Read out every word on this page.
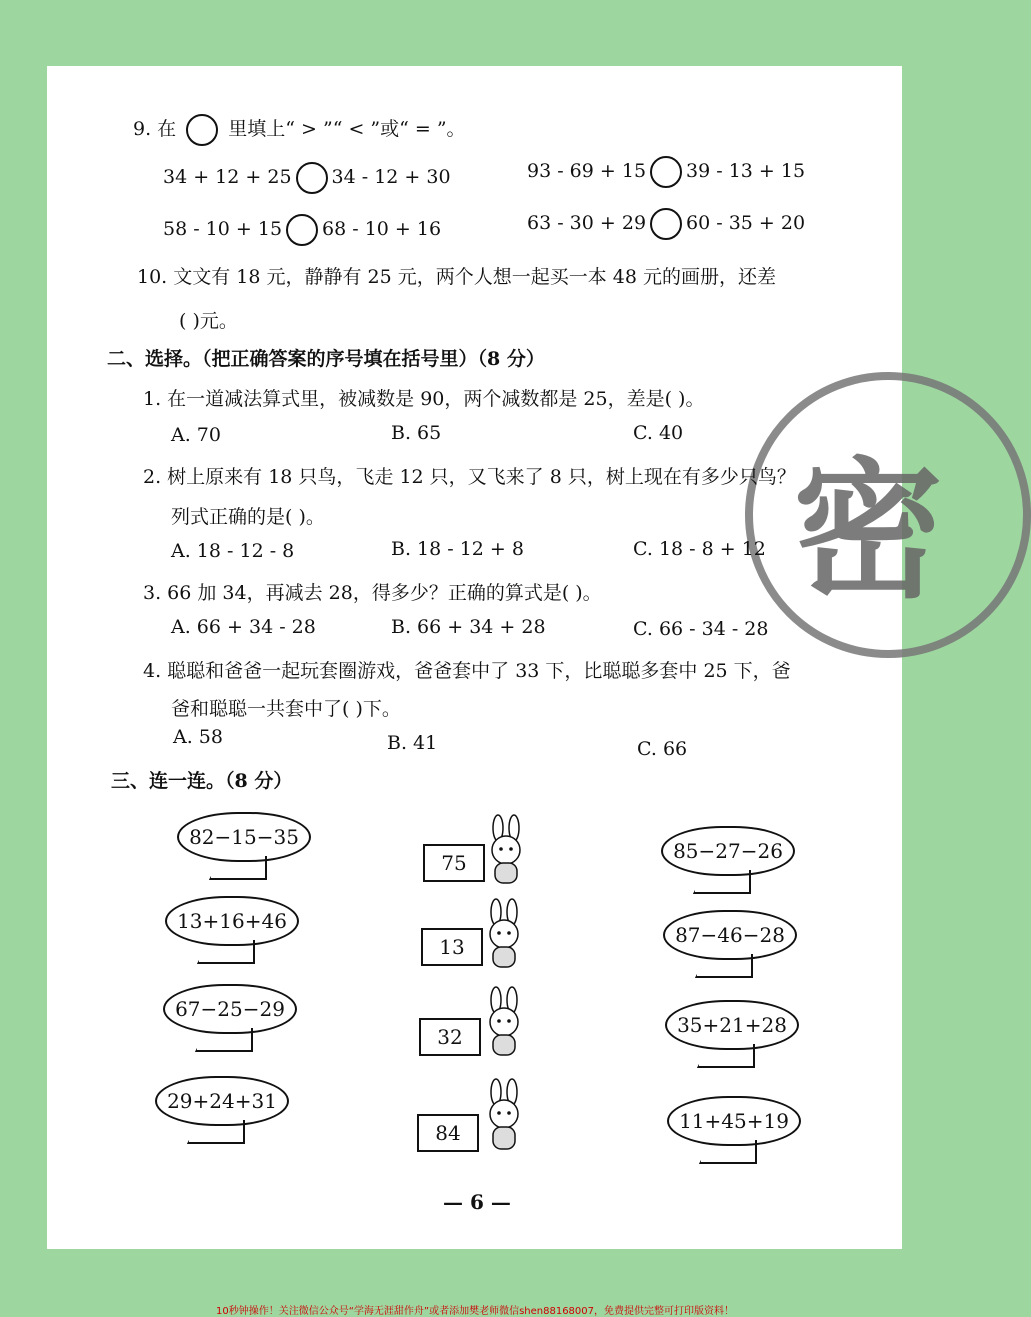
9. 在	里填上“ > ”“ < ”或“ = ”。
34 + 12 + 25 34 - 12 + 30	93 - 69 + 15 39 - 13 + 15
58 - 10 + 15 68 - 10 + 16	63 - 30 + 29 60 - 35 + 20
10. 文文有 18 元，静静有 25 元，两个人想一起买一本 48 元的画册，还差
( )元。
密
二、选择。（把正确答案的序号填在括号里）（8 分）
1. 在一道减法算式里，被减数是 90，两个减数都是 25，差是( )。
A. 70	B. 65	C. 40
2. 树上原来有 18 只鸟，飞走 12 只，又飞来了 8 只，树上现在有多少只鸟？
列式正确的是( )。
A. 18 - 12 - 8	B. 18 - 12 + 8	C. 18 - 8 + 12
3. 66 加 34，再减去 28，得多少？正确的算式是( )。
A. 66 + 34 - 28	B. 66 + 34 + 28	C. 66 - 34 - 28
4. 聪聪和爸爸一起玩套圈游戏，爸爸套中了 33 下，比聪聪多套中 25 下，爸
爸和聪聪一共套中了( )下。
A. 58	B. 41	C. 66
三、连一连。（8 分）
82−15−35
13+16+46
67−25−29
29+24+31
75
13
32
84
85−27−26
87−46−28
35+21+28
11+45+19
— 6 —
10秒钟操作！关注微信公众号“学海无涯甜作舟”或者添加樊老师微信shen88168007，免费提供完整可打印版资料！
